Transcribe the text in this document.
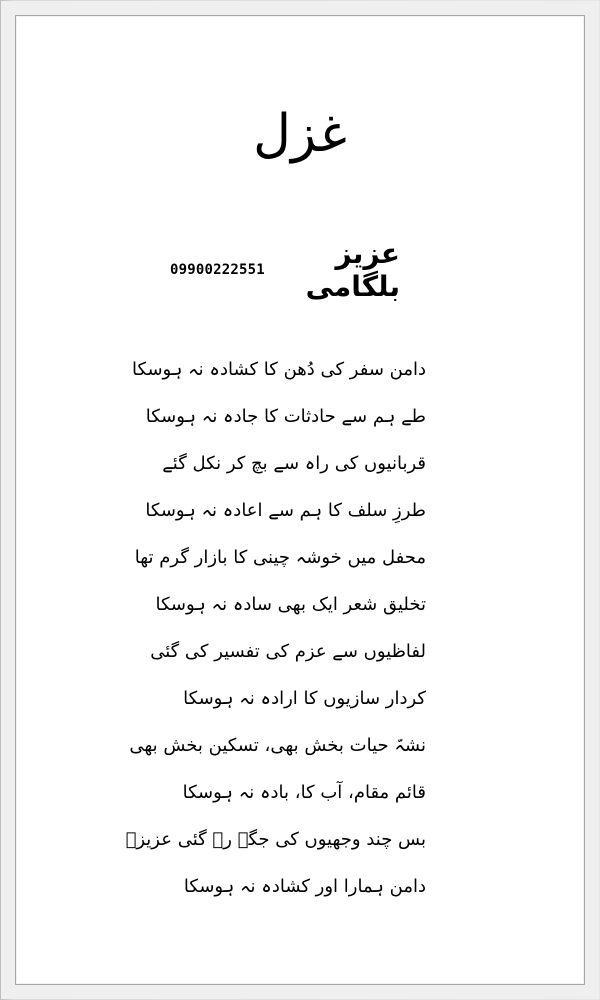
غزل
09900222551	عزیز بلگامی
دامن سفر کی دُھن کا کشادہ نہ ہوسکا
طے ہم سے حادثات کا جادہ نہ ہوسکا
قربانیوں کی راہ سے بچ کر نکل گئے
طرزِ سلف کا ہم سے اعادہ نہ ہوسکا
محفل میں خوشہ چینی کا بازار گرم تھا
تخلیق شعر ایک بھی سادہ نہ ہوسکا
لفاظیوں سے عزم کی تفسیر کی گئی
کردار سازیوں کا ارادہ نہ ہوسکا
نشہّ حیات بخش بھی، تسکین بخش بھی
قائم مقام، آب کا، بادہ نہ ہوسکا
بس چند وجھیوں کی جگہ رہ گئی عزیزؔ
دامن ہمارا اور کشادہ نہ ہوسکا
